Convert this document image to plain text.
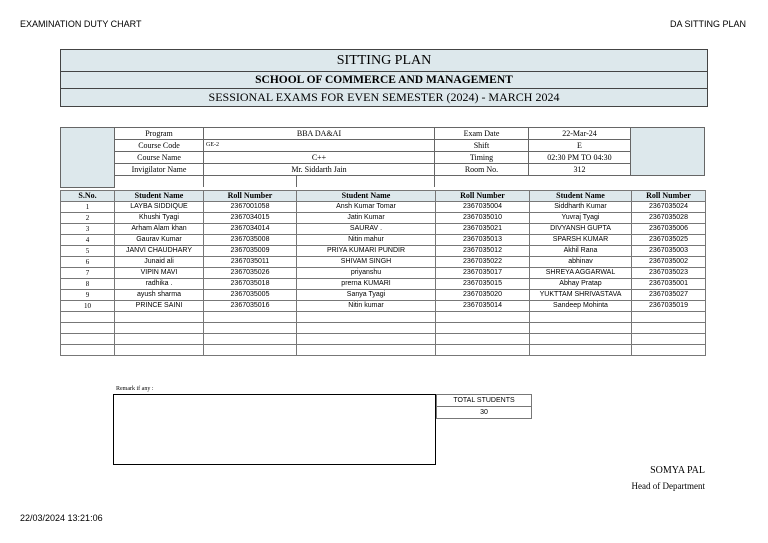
EXAMINATION DUTY CHART	DA SITTING PLAN
SITTING PLAN
SCHOOL OF COMMERCE AND MANAGEMENT
SESSIONAL EXAMS FOR EVEN SEMESTER (2024) - MARCH 2024
	Program	BBA DA&AI		Exam Date	22-Mar-24	
	Course Code	GE-2		Shift	E	
	Course Name	C++		Timing	02:30 PM TO 04:30	
	Invigilator Name	Mr. Siddarth Jain		Room No.	312	

S.No.	Student Name	Roll Number	Student Name	Roll Number	Student Name	Roll Number
1	LAYBA SIDDIQUE	2367001058	Ansh Kumar Tomar	2367035004	Siddharth Kumar	2367035024
2	Khushi Tyagi	2367034015	Jatin Kumar	2367035010	Yuvraj Tyagi	2367035028
3	Arham Alam khan	2367034014	SAURAV .	2367035021	DIVYANSH GUPTA	2367035006
4	Gaurav Kumar	2367035008	Nitin mahur	2367035013	SPARSH KUMAR	2367035025
5	JANVI CHAUDHARY	2367035009	PRIYA KUMARI PUNDIR	2367035012	Akhil Rana	2367035003
6	Junaid ali	2367035011	SHIVAM SINGH	2367035022	abhinav	2367035002
7	VIPIN MAVI	2367035026	priyanshu	2367035017	SHREYA AGGARWAL	2367035023
8	radhika .	2367035018	prerna KUMARI	2367035015	Abhay Pratap	2367035001
9	ayush sharma	2367035005	Sanya Tyagi	2367035020	YUKTTAM SHRIVASTAVA	2367035027
10	PRINCE SAINI	2367035016	Nitin kumar	2367035014	Sandeep Mohinta	2367035019

Remark if any :
TOTAL STUDENTS
30
SOMYA PAL
Head of Department
22/03/2024 13:21:06
